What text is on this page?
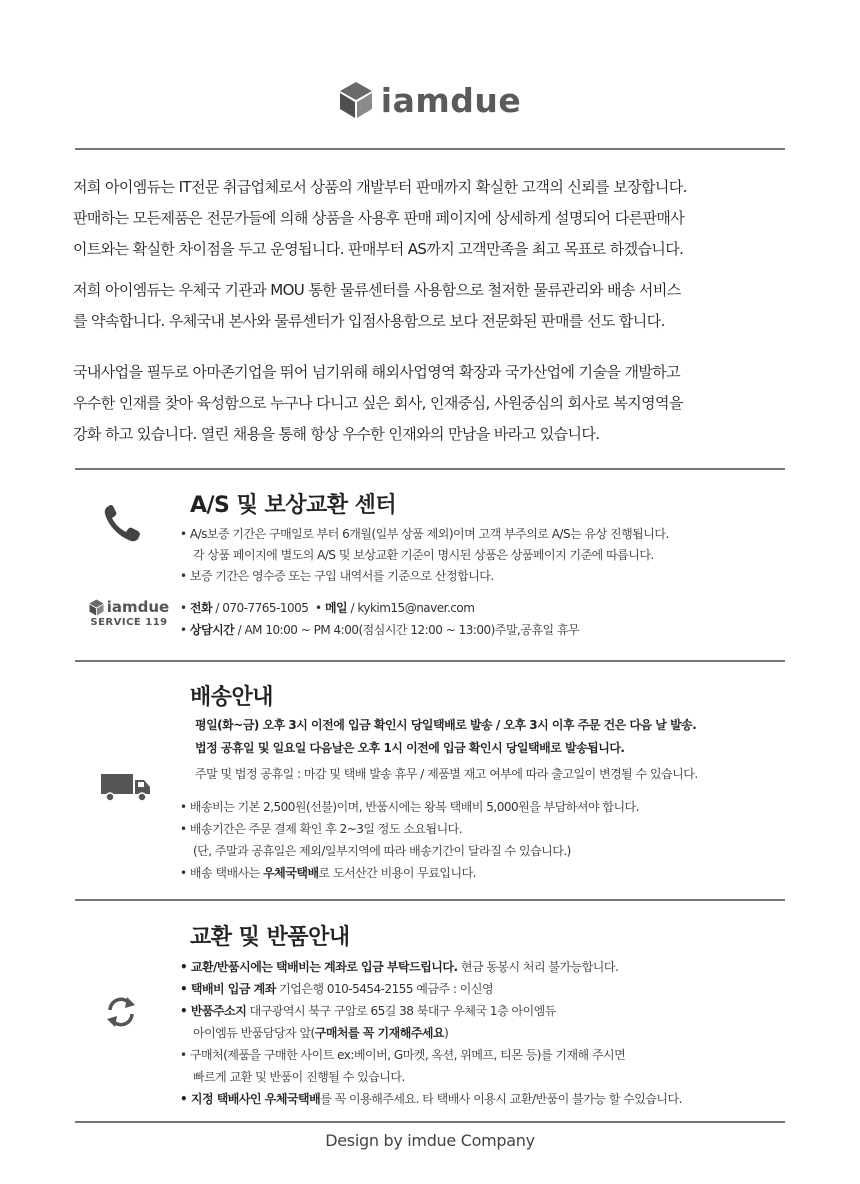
iamdue

저희 아이엠듀는 IT전문 취급업체로서 상품의 개발부터 판매까지 확실한 고객의 신뢰를 보장합니다.

판매하는 모든제품은 전문가들에 의해 상품을 사용후 판매 페이지에 상세하게 설명되어 다른판매사

이트와는 확실한 차이점을 두고 운영됩니다. 판매부터 AS까지 고객만족을 최고 목표로 하겠습니다.

저희 아이엠듀는 우체국 기관과 MOU 통한 물류센터를 사용함으로 철저한 물류관리와 배송 서비스

를 약속합니다. 우체국내 본사와 물류센터가 입점사용함으로 보다 전문화된 판매를 선도 합니다.

국내사업을 필두로 아마존기업을 뛰어 넘기위해 해외사업영역 확장과 국가산업에 기술을 개발하고

우수한 인재를 찾아 육성함으로 누구나 다니고 싶은 회사, 인재중심, 사원중심의 회사로 복지영역을

강화 하고 있습니다. 열린 채용을 통해 항상 우수한 인재와의 만남을 바라고 있습니다.

A/S 및 보상교환 센터
• A/s보증 기간은 구매일로 부터 6개월(일부 상품 제외)이며 고객 부주의로 A/S는 유상 진행됩니다.
각 상품 페이지에 별도의 A/S 및 보상교환 기준이 명시된 상품은 상품페이지 기준에 따릅니다.
• 보증 기간은 영수증 또는 구입 내역서를 기준으로 산정합니다.
iamdue
SERVICE 119
• 전화 / 070-7765-1005  • 메일 / kykim15@naver.com
• 상담시간 / AM 10:00 ~ PM 4:00(점심시간 12:00 ~ 13:00)주말,공휴일 휴무
배송안내
평일(화~금) 오후 3시 이전에 입금 확인시 당일택배로 발송 / 오후 3시 이후 주문 건은 다음 날 발송.
법정 공휴일 및 일요일 다음날은 오후 1시 이전에 입금 확인시 당일택배로 발송됩니다.
주말 및 법정 공휴일 : 마감 및 택배 발송 휴무 / 제품별 재고 여부에 따라 출고일이 변경될 수 있습니다.
• 배송비는 기본 2,500원(선불)이며, 반품시에는 왕복 택배비 5,000원을 부담하셔야 합니다.
• 배송기간은 주문 결제 확인 후 2~3일 정도 소요됩니다.
(단, 주말과 공휴일은 제외/일부지역에 따라 배송기간이 달라질 수 있습니다.)
• 배송 택배사는 우체국택배로 도서산간 비용이 무료입니다.
교환 및 반품안내
• 교환/반품시에는 택배비는 계좌로 입금 부탁드립니다. 현금 동봉시 처리 불가능합니다.
• 택배비 입금 계좌 기업은행 010-5454-2155 예금주 : 이신영
• 반품주소지 대구광역시 북구 구암로 65길 38 북대구 우체국 1층 아이엠듀
아이엠듀 반품담당자 앞(구매처를 꼭 기재해주세요)
• 구매처(제품을 구매한 사이트 ex:베이버, G마켓, 옥션, 위메프, 티몬 등)를 기재해 주시면
빠르게 교환 및 반품이 진행될 수 있습니다.
• 지정 택배사인 우체국택배를 꼭 이용해주세요. 타 택배사 이용시 교환/반품이 불가능 할 수있습니다.
Design by imdue Company
